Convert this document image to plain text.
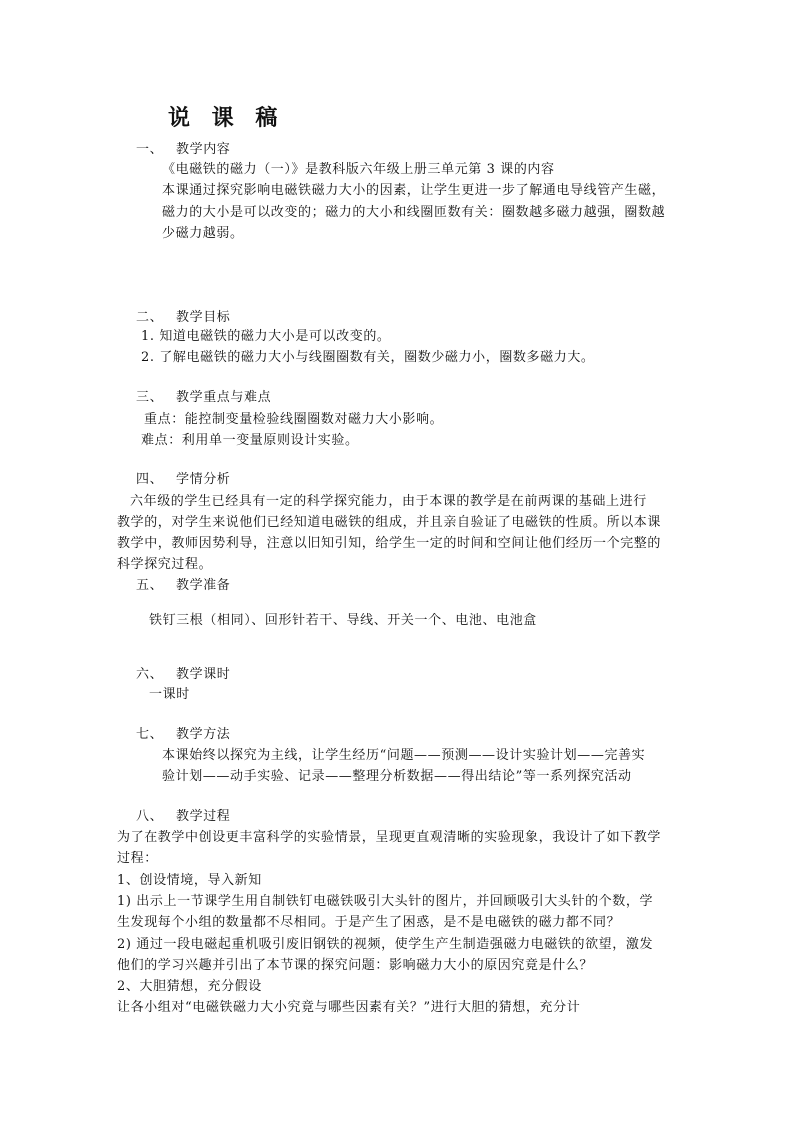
说 课 稿
一、 教学内容
《电磁铁的磁力（一）》是教科版六年级上册三单元第 3 课的内容
本课通过探究影响电磁铁磁力大小的因素，让学生更进一步了解通电导线管产生磁，
磁力的大小是可以改变的；磁力的大小和线圈匝数有关：圈数越多磁力越强，圈数越
少磁力越弱。
二、 教学目标
1. 知道电磁铁的磁力大小是可以改变的。
2. 了解电磁铁的磁力大小与线圈圈数有关，圈数少磁力小，圈数多磁力大。
三、 教学重点与难点
重点：能控制变量检验线圈圈数对磁力大小影响。
难点：利用单一变量原则设计实验。
四、 学情分析
六年级的学生已经具有一定的科学探究能力，由于本课的教学是在前两课的基础上进行
教学的，对学生来说他们已经知道电磁铁的组成，并且亲自验证了电磁铁的性质。所以本课
教学中，教师因势利导，注意以旧知引知，给学生一定的时间和空间让他们经历一个完整的
科学探究过程。
五、 教学准备
铁钉三根（相同）、回形针若干、导线、开关一个、电池、电池盒
六、 教学课时
一课时
七、 教学方法
本课始终以探究为主线，让学生经历“问题——预测——设计实验计划——完善实
验计划——动手实验、记录——整理分析数据——得出结论”等一系列探究活动
八、 教学过程
为了在教学中创设更丰富科学的实验情景，呈现更直观清晰的实验现象，我设计了如下教学
过程：
1、创设情境，导入新知
1) 出示上一节课学生用自制铁钉电磁铁吸引大头针的图片，并回顾吸引大头针的个数，学
生发现每个小组的数量都不尽相同。于是产生了困惑，是不是电磁铁的磁力都不同？
2) 通过一段电磁起重机吸引废旧钢铁的视频，使学生产生制造强磁力电磁铁的欲望，激发
他们的学习兴趣并引出了本节课的探究问题：影响磁力大小的原因究竟是什么？
2、大胆猜想，充分假设
让各小组对“电磁铁磁力大小究竟与哪些因素有关？”进行大胆的猜想，充分计
